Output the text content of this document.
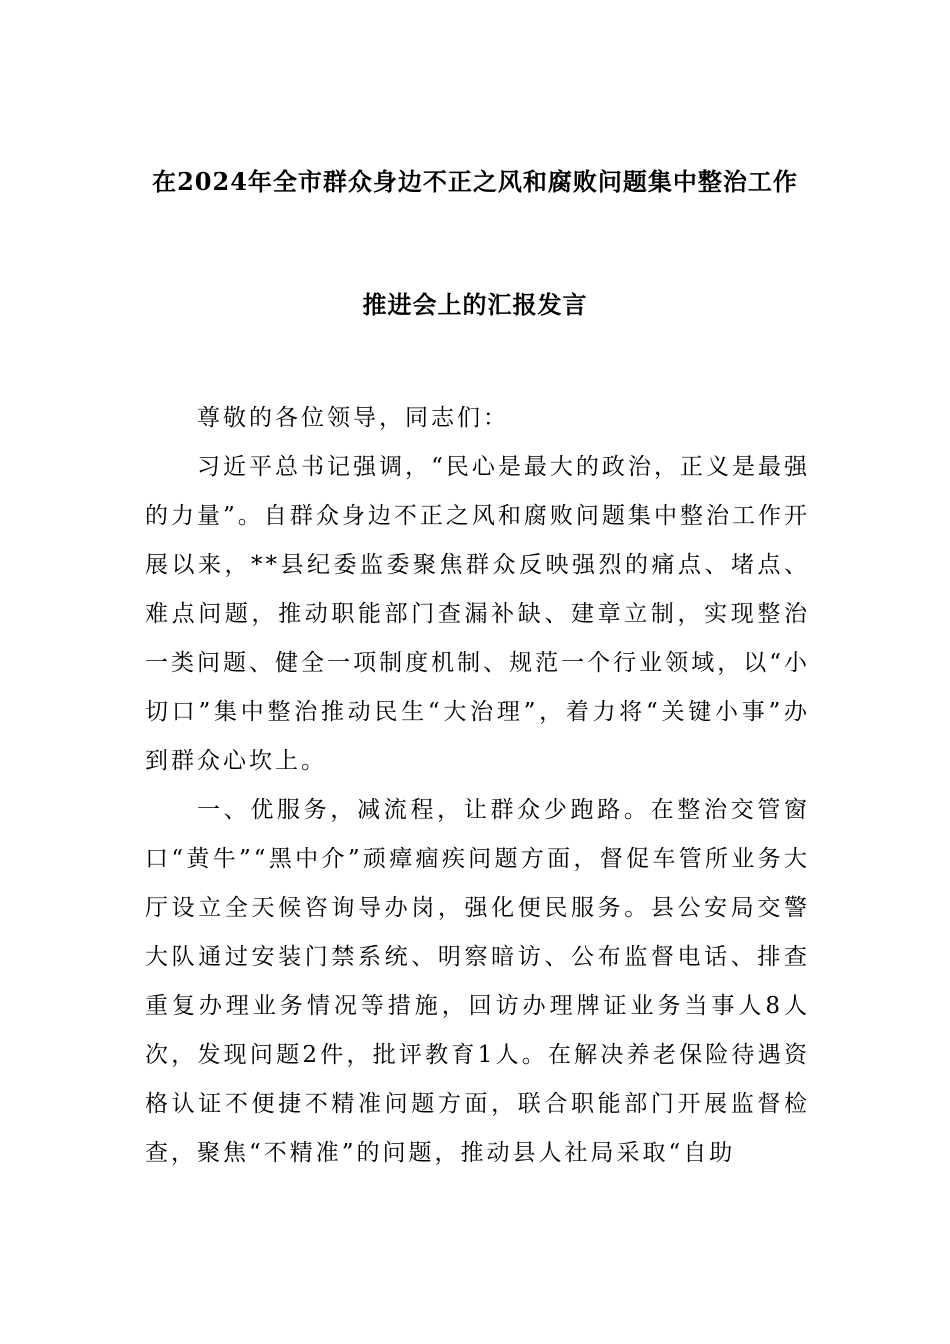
在2024年全市群众身边不正之风和腐败问题集中整治工作
推进会上的汇报发言

尊敬的各位领导，同志们：

习近平总书记强调，“民心是最大的政治，正义是最强的力量”。自群众身边不正之风和腐败问题集中整治工作开展以来，**县纪委监委聚焦群众反映强烈的痛点、堵点、难点问题，推动职能部门查漏补缺、建章立制，实现整治一类问题、健全一项制度机制、规范一个行业领域，以“小切口”集中整治推动民生“大治理”，着力将“关键小事”办到群众心坎上。

一、优服务，减流程，让群众少跑路。在整治交管窗口“黄牛”“黑中介”顽瘴痼疾问题方面，督促车管所业务大厅设立全天候咨询导办岗，强化便民服务。县公安局交警大队通过安装门禁系统、明察暗访、公布监督电话、排查重复办理业务情况等措施，回访办理牌证业务当事人8人次，发现问题2件，批评教育1人。在解决养老保险待遇资格认证不便捷不精准问题方面，联合职能部门开展监督检查，聚焦“不精准”的问题，推动县人社局采取“自助
